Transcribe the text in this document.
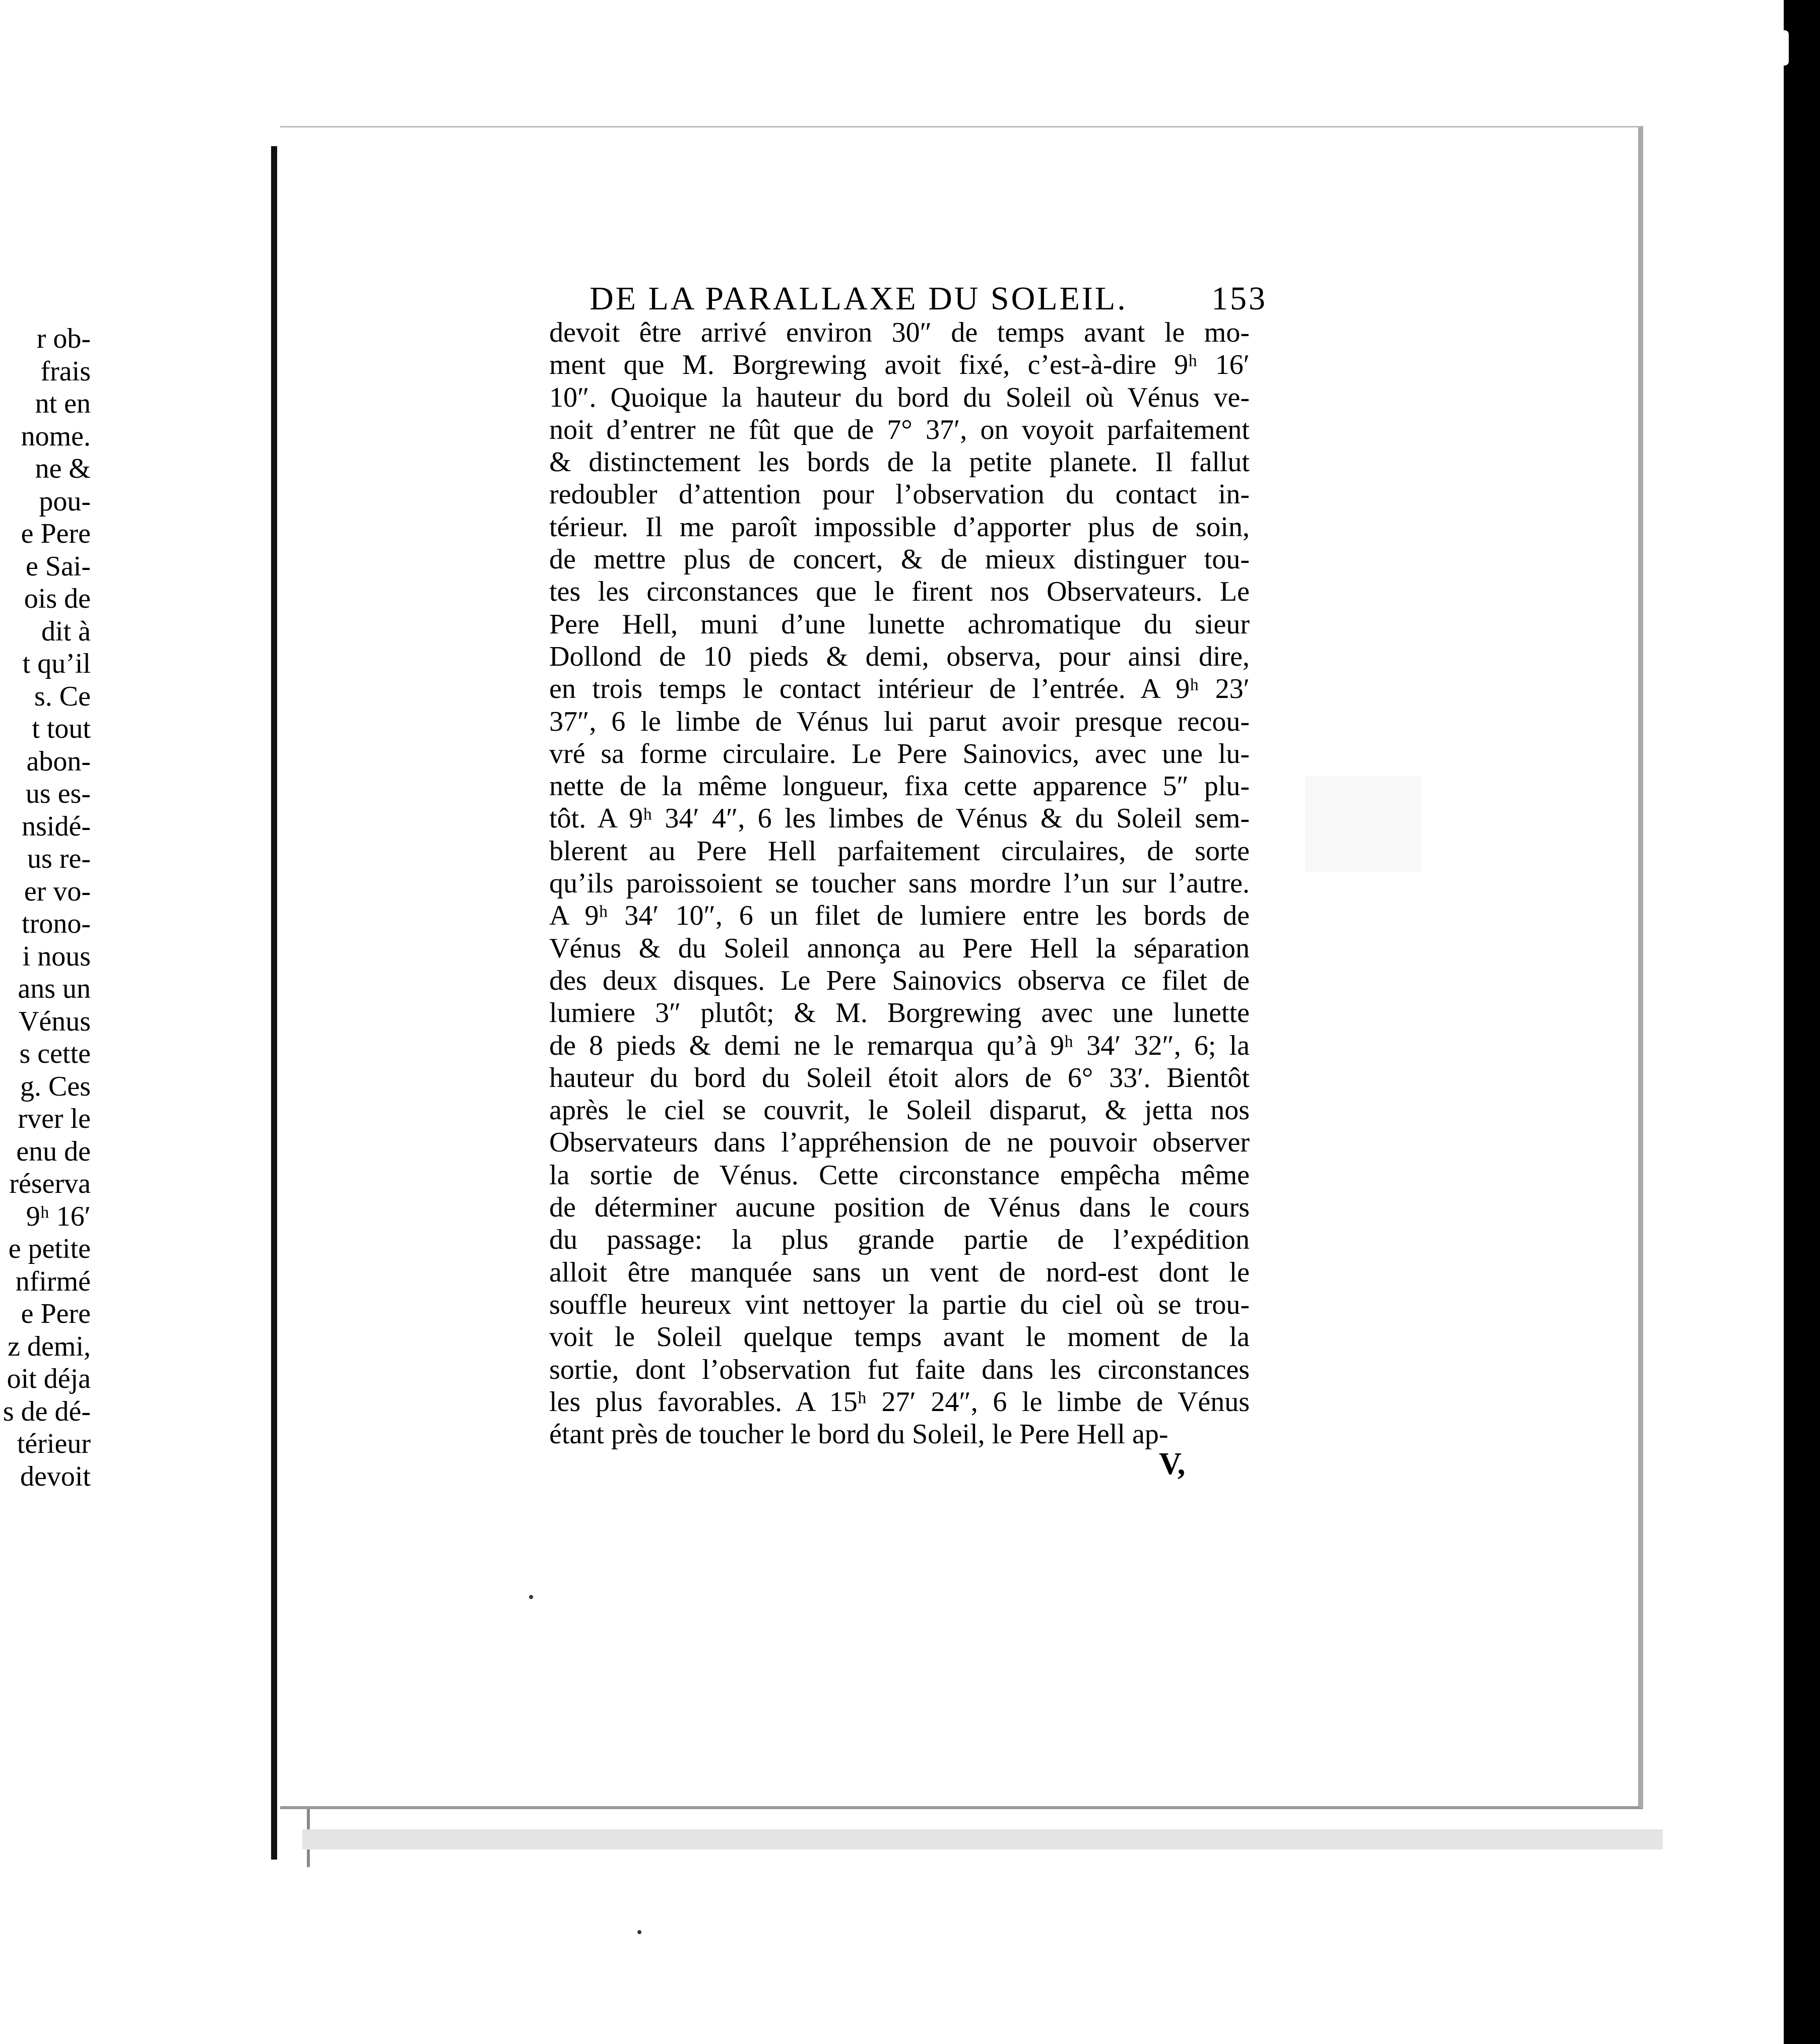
r ob-
frais
nt en
nome.
ne &
pou-
e Pere
e Sai-
ois de
dit à
t qu’il
s. Ce
t tout
abon-
us es-
nsidé-
us re-
er vo-
trono-
i nous
ans un
Vénus
s cette
g. Ces
rver le
enu de
réserva
9ʰ 16′
e petite
nfirmé
e Pere
z demi,
oit déja
s de dé-
térieur
devoit
DE LA PARALLAXE DU SOLEIL.	153
devoit être arrivé environ 30″ de temps avant le mo-
ment que M. Borgrewing avoit fixé, c’est-à-dire 9ʰ 16′
10″. Quoique la hauteur du bord du Soleil où Vénus ve-
noit d’entrer ne fût que de 7° 37′, on voyoit parfaitement
& distinctement les bords de la petite planete. Il fallut
redoubler d’attention pour l’observation du contact in-
térieur. Il me paroît impossible d’apporter plus de soin,
de mettre plus de concert, & de mieux distinguer tou-
tes les circonstances que le firent nos Observateurs. Le
Pere Hell, muni d’une lunette achromatique du sieur
Dollond de 10 pieds & demi, observa, pour ainsi dire,
en trois temps le contact intérieur de l’entrée. A 9ʰ 23′
37″, 6 le limbe de Vénus lui parut avoir presque recou-
vré sa forme circulaire. Le Pere Sainovics, avec une lu-
nette de la même longueur, fixa cette apparence 5″ plu-
tôt. A 9ʰ 34′ 4″, 6 les limbes de Vénus & du Soleil sem-
blerent au Pere Hell parfaitement circulaires, de sorte
qu’ils paroissoient se toucher sans mordre l’un sur l’autre.
A 9ʰ 34′ 10″, 6 un filet de lumiere entre les bords de
Vénus & du Soleil annonça au Pere Hell la séparation
des deux disques. Le Pere Sainovics observa ce filet de
lumiere 3″ plutôt; & M. Borgrewing avec une lunette
de 8 pieds & demi ne le remarqua qu’à 9ʰ 34′ 32″, 6; la
hauteur du bord du Soleil étoit alors de 6° 33′. Bientôt
après le ciel se couvrit, le Soleil disparut, & jetta nos
Observateurs dans l’appréhension de ne pouvoir observer
la sortie de Vénus. Cette circonstance empêcha même
de déterminer aucune position de Vénus dans le cours
du passage: la plus grande partie de l’expédition
alloit être manquée sans un vent de nord-est dont le
souffle heureux vint nettoyer la partie du ciel où se trou-
voit le Soleil quelque temps avant le moment de la
sortie, dont l’observation fut faite dans les circonstances
les plus favorables. A 15ʰ 27′ 24″, 6 le limbe de Vénus
étant près de toucher le bord du Soleil, le Pere Hell ap-
V,
